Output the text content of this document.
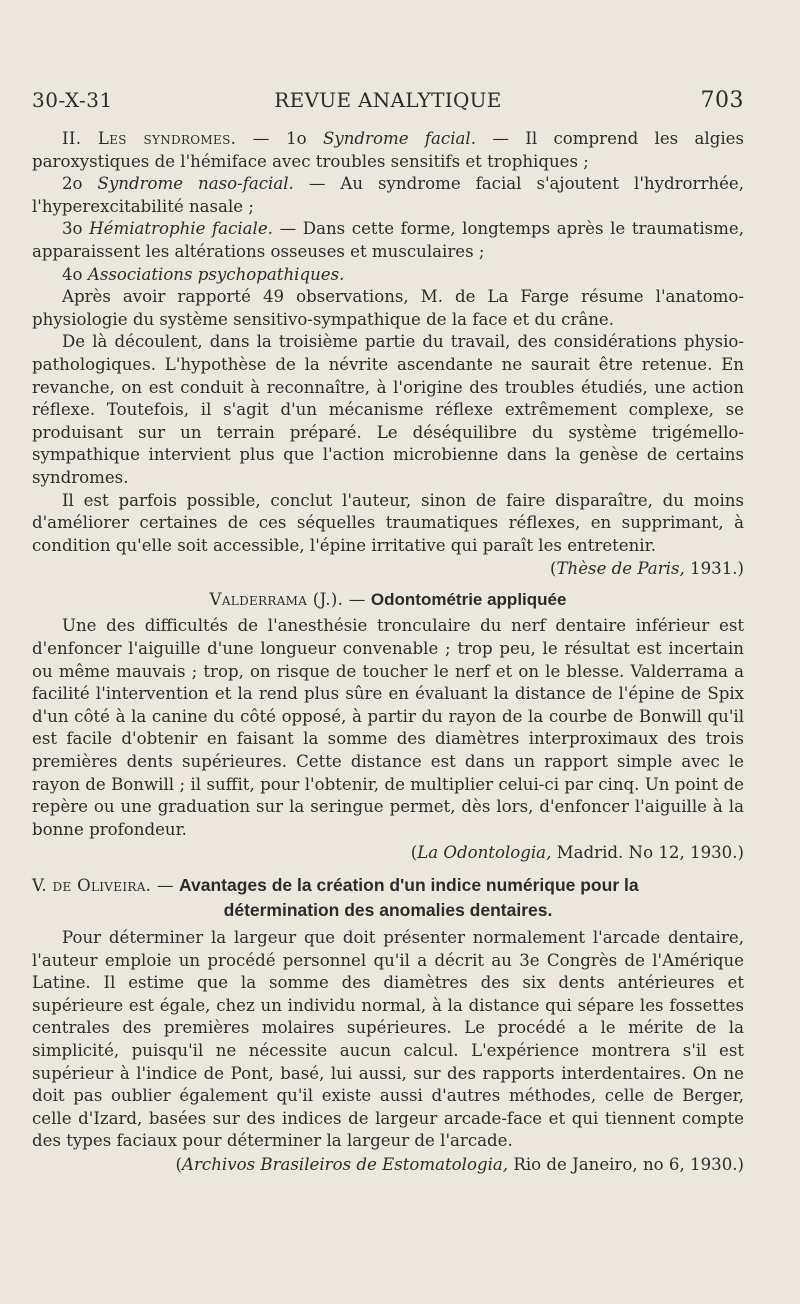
30-X-31	REVUE ANALYTIQUE	703

II. Les syndromes. — 1o Syndrome facial. — Il comprend les algies paroxystiques de l'hémiface avec troubles sensitifs et trophiques ;

2o Syndrome naso-facial. — Au syndrome facial s'ajoutent l'hydrorrhée, l'hyperexcitabilité nasale ;

3o Hémiatrophie faciale. — Dans cette forme, longtemps après le traumatisme, apparaissent les altérations osseuses et musculaires ;

4o Associations psychopathiques.

Après avoir rapporté 49 observations, M. de La Farge résume l'anatomo-physiologie du système sensitivo-sympathique de la face et du crâne.

De là découlent, dans la troisième partie du travail, des considérations physio-pathologiques. L'hypothèse de la névrite ascendante ne saurait être retenue. En revanche, on est conduit à reconnaître, à l'origine des troubles étudiés, une action réflexe. Toutefois, il s'agit d'un mécanisme réflexe extrêmement complexe, se produisant sur un terrain préparé. Le déséquilibre du système trigémello-sympathique intervient plus que l'action microbienne dans la genèse de certains syndromes.

Il est parfois possible, conclut l'auteur, sinon de faire disparaître, du moins d'améliorer certaines de ces séquelles traumatiques réflexes, en supprimant, à condition qu'elle soit accessible, l'épine irritative qui paraît les entretenir.

(Thèse de Paris, 1931.)

Valderrama (J.). — Odontométrie appliquée

Une des difficultés de l'anesthésie tronculaire du nerf dentaire inférieur est d'enfoncer l'aiguille d'une longueur convenable ; trop peu, le résultat est incertain ou même mauvais ; trop, on risque de toucher le nerf et on le blesse. Valderrama a facilité l'intervention et la rend plus sûre en évaluant la distance de l'épine de Spix d'un côté à la canine du côté opposé, à partir du rayon de la courbe de Bonwill qu'il est facile d'obtenir en faisant la somme des diamètres interproximaux des trois premières dents supérieures. Cette distance est dans un rapport simple avec le rayon de Bonwill ; il suffit, pour l'obtenir, de multiplier celui-ci par cinq. Un point de repère ou une graduation sur la seringue permet, dès lors, d'enfoncer l'aiguille à la bonne profondeur.

(La Odontologia, Madrid. No 12, 1930.)

V. de Oliveira. — Avantages de la création d'un indice numérique pour la
détermination des anomalies dentaires.

Pour déterminer la largeur que doit présenter normalement l'arcade dentaire, l'auteur emploie un procédé personnel qu'il a décrit au 3e Congrès de l'Amérique Latine. Il estime que la somme des diamètres des six dents antérieures et supérieure est égale, chez un individu normal, à la distance qui sépare les fossettes centrales des premières molaires supérieures. Le procédé a le mérite de la simplicité, puisqu'il ne nécessite aucun calcul. L'expérience montrera s'il est supérieur à l'indice de Pont, basé, lui aussi, sur des rapports interdentaires. On ne doit pas oublier également qu'il existe aussi d'autres méthodes, celle de Berger, celle d'Izard, basées sur des indices de largeur arcade-face et qui tiennent compte des types faciaux pour déterminer la largeur de l'arcade.

(Archivos Brasileiros de Estomatologia, Rio de Janeiro, no 6, 1930.)
